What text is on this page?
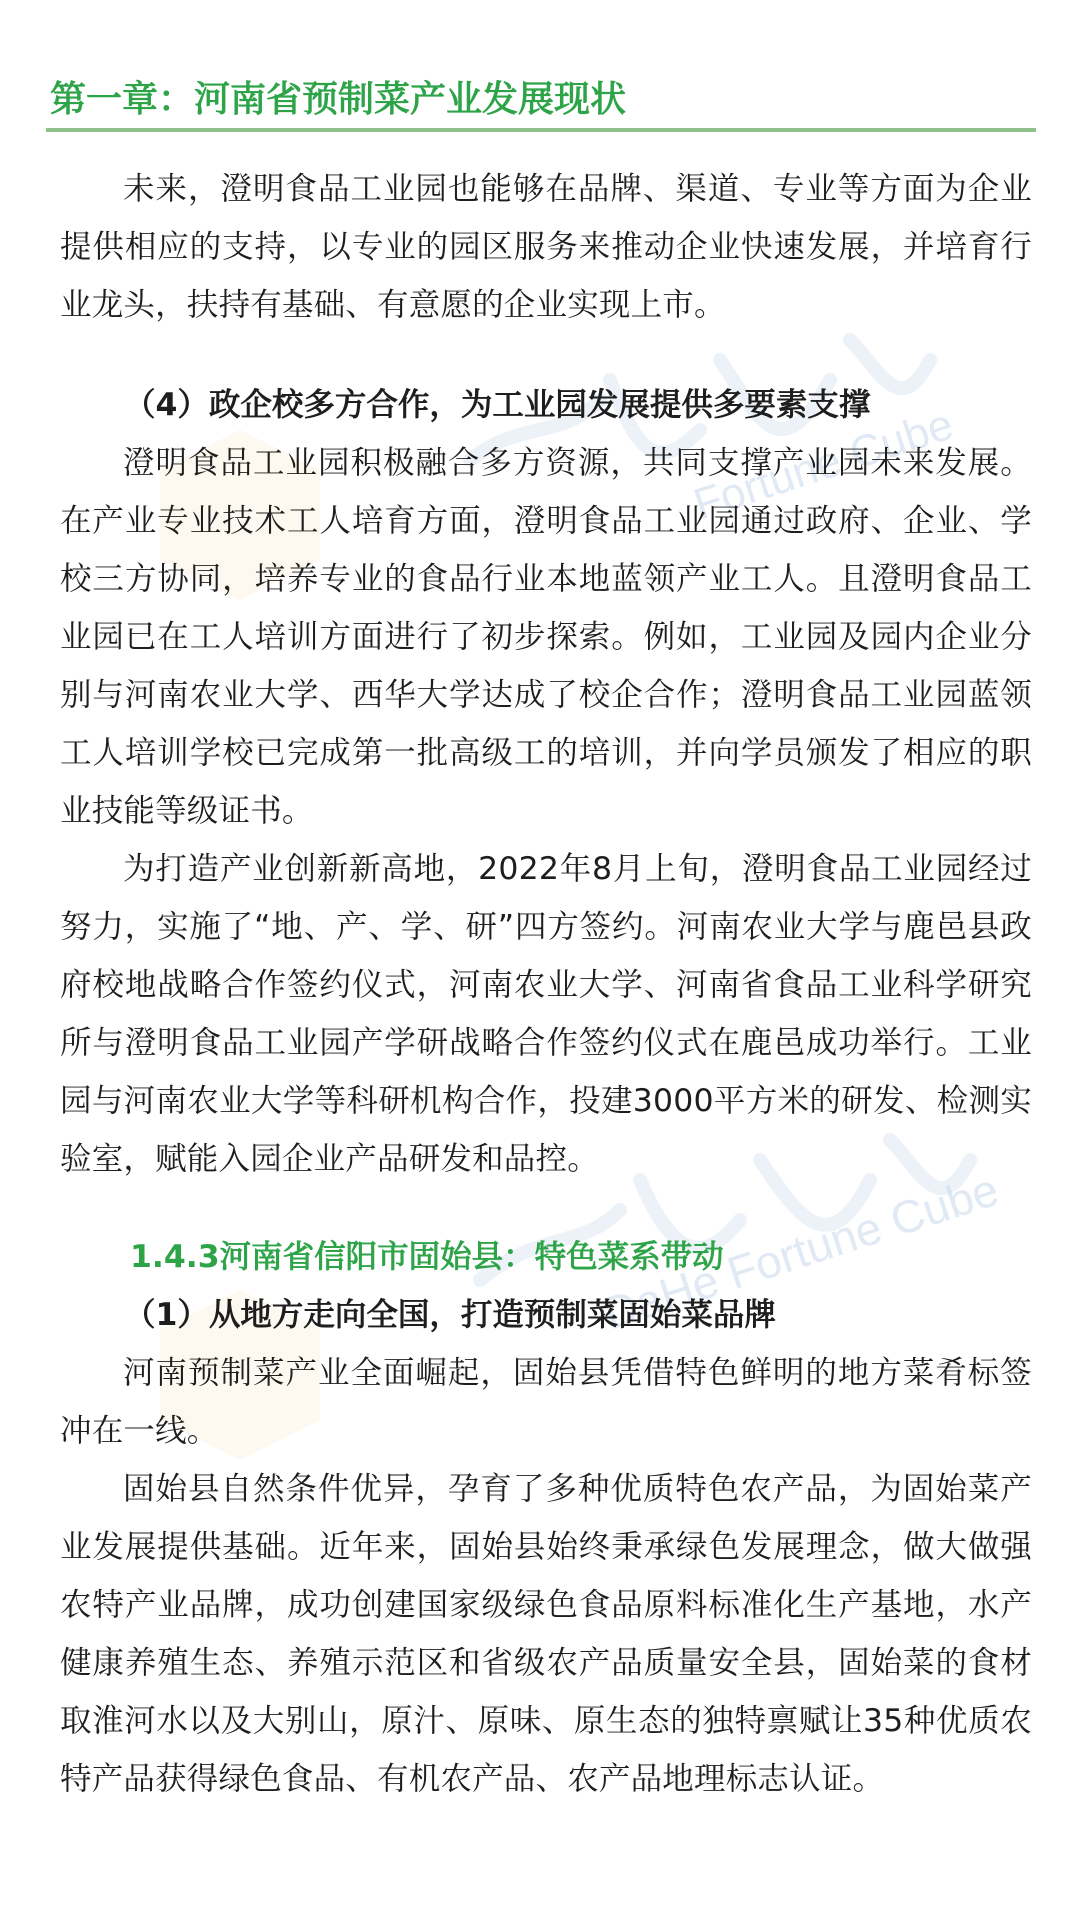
Fortune Cube
DaHe Fortune Cube
第一章：河南省预制菜产业发展现状

未来，澄明食品工业园也能够在品牌、渠道、专业等方面为企业提供相应的支持，以专业的园区服务来推动企业快速发展，并培育行业龙头，扶持有基础、有意愿的企业实现上市。

（4）政企校多方合作，为工业园发展提供多要素支撑

澄明食品工业园积极融合多方资源，共同支撑产业园未来发展。在产业专业技术工人培育方面，澄明食品工业园通过政府、企业、学校三方协同，培养专业的食品行业本地蓝领产业工人。且澄明食品工业园已在工人培训方面进行了初步探索。例如，工业园及园内企业分别与河南农业大学、西华大学达成了校企合作；澄明食品工业园蓝领工人培训学校已完成第一批高级工的培训，并向学员颁发了相应的职业技能等级证书。

为打造产业创新新高地，2022年8月上旬，澄明食品工业园经过努力，实施了“地、产、学、研”四方签约。河南农业大学与鹿邑县政府校地战略合作签约仪式，河南农业大学、河南省食品工业科学研究所与澄明食品工业园产学研战略合作签约仪式在鹿邑成功举行。工业园与河南农业大学等科研机构合作，投建3000平方米的研发、检测实验室，赋能入园企业产品研发和品控。

1.4.3河南省信阳市固始县：特色菜系带动

（1）从地方走向全国，打造预制菜固始菜品牌

河南预制菜产业全面崛起，固始县凭借特色鲜明的地方菜肴标签冲在一线。

固始县自然条件优异，孕育了多种优质特色农产品，为固始菜产业发展提供基础。近年来，固始县始终秉承绿色发展理念，做大做强农特产业品牌，成功创建国家级绿色食品原料标准化生产基地，水产健康养殖生态、养殖示范区和省级农产品质量安全县，固始菜的食材取淮河水以及大别山，原汁、原味、原生态的独特禀赋让35种优质农特产品获得绿色食品、有机农产品、农产品地理标志认证。
